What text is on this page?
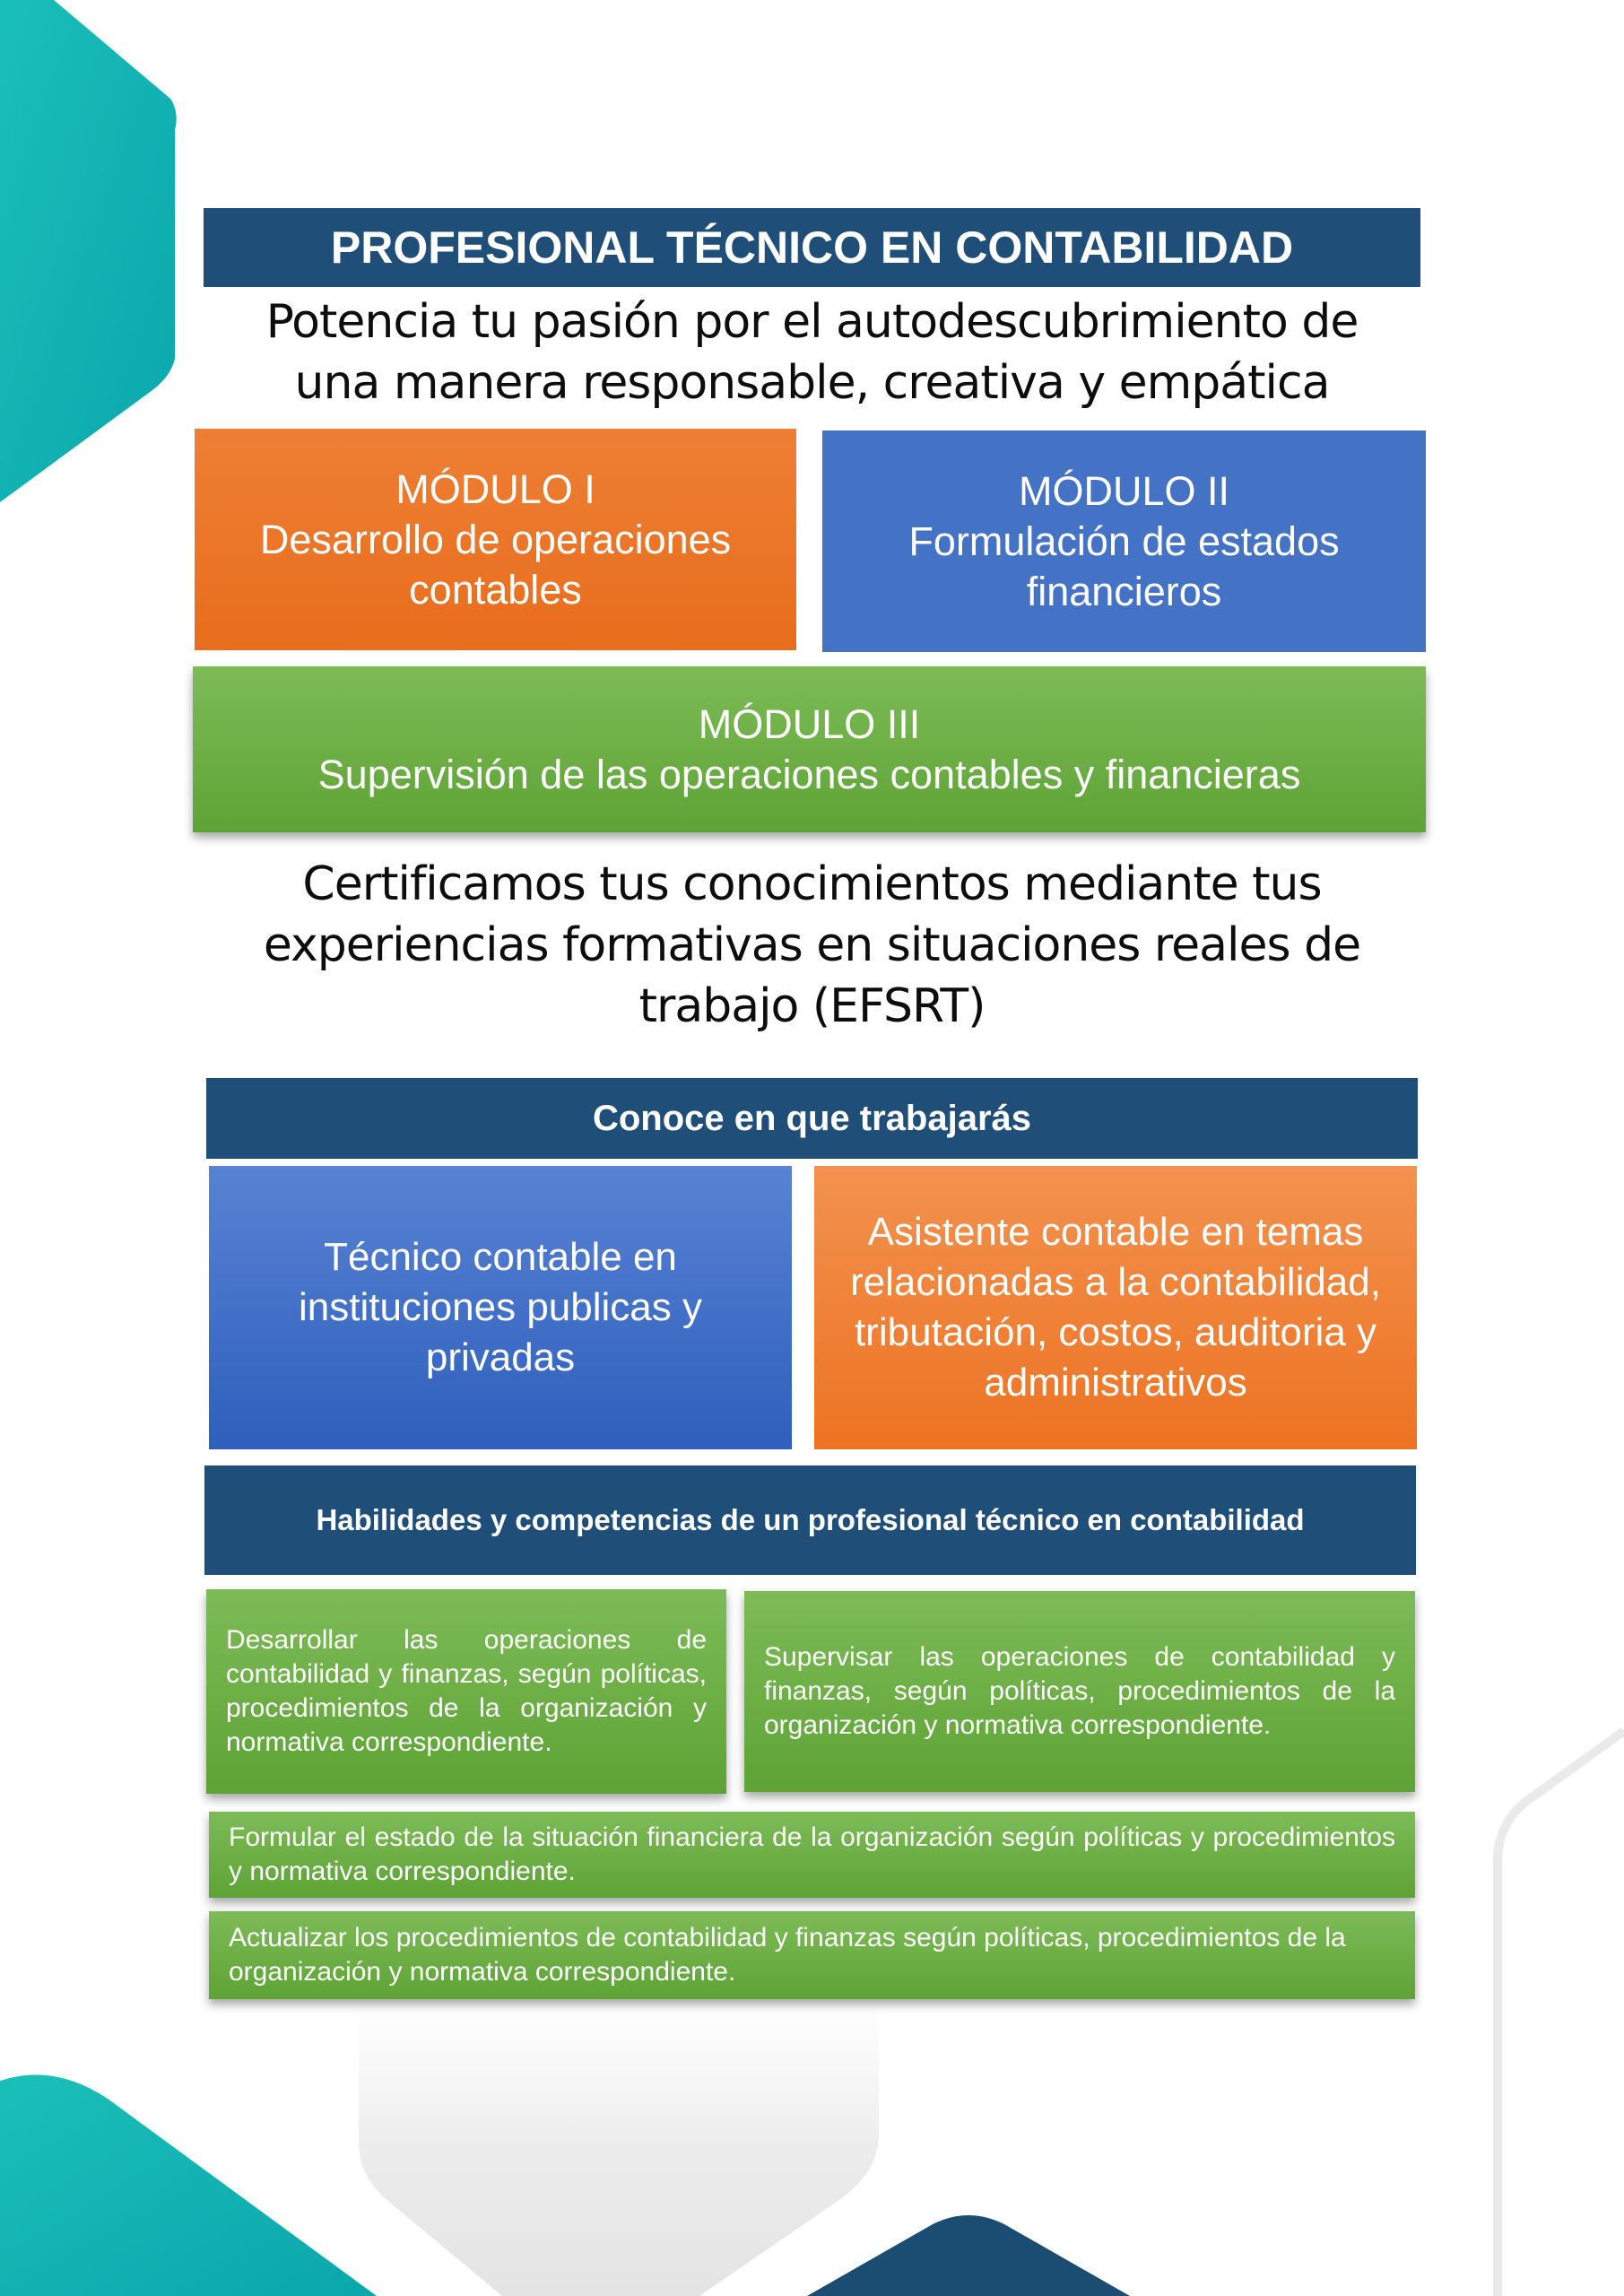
PROFESIONAL TÉCNICO EN CONTABILIDAD
Potencia tu pasión por el autodescubrimiento de
una manera responsable, creativa y empática
MÓDULO I
Desarrollo de operaciones
contables
MÓDULO II
Formulación de estados
financieros
MÓDULO III
Supervisión de las operaciones contables y financieras
Certificamos tus conocimientos mediante tus
experiencias formativas en situaciones reales de
trabajo (EFSRT)
Conoce en que trabajarás
Técnico contable en instituciones publicas y privadas
Asistente contable en temas relacionadas a la contabilidad, tributación, costos, auditoria y administrativos
Habilidades y competencias de un profesional técnico en contabilidad
Desarrollar las operaciones de contabilidad y finanzas, según políticas, procedimientos de la organización y normativa correspondiente.
Supervisar las operaciones de contabilidad y finanzas, según políticas, procedimientos de la organización y normativa correspondiente.
Formular el estado de la situación financiera de la organización según políticas y procedimientos y normativa correspondiente.
Actualizar los procedimientos de contabilidad y finanzas según políticas, procedimientos de la organización y normativa correspondiente.
